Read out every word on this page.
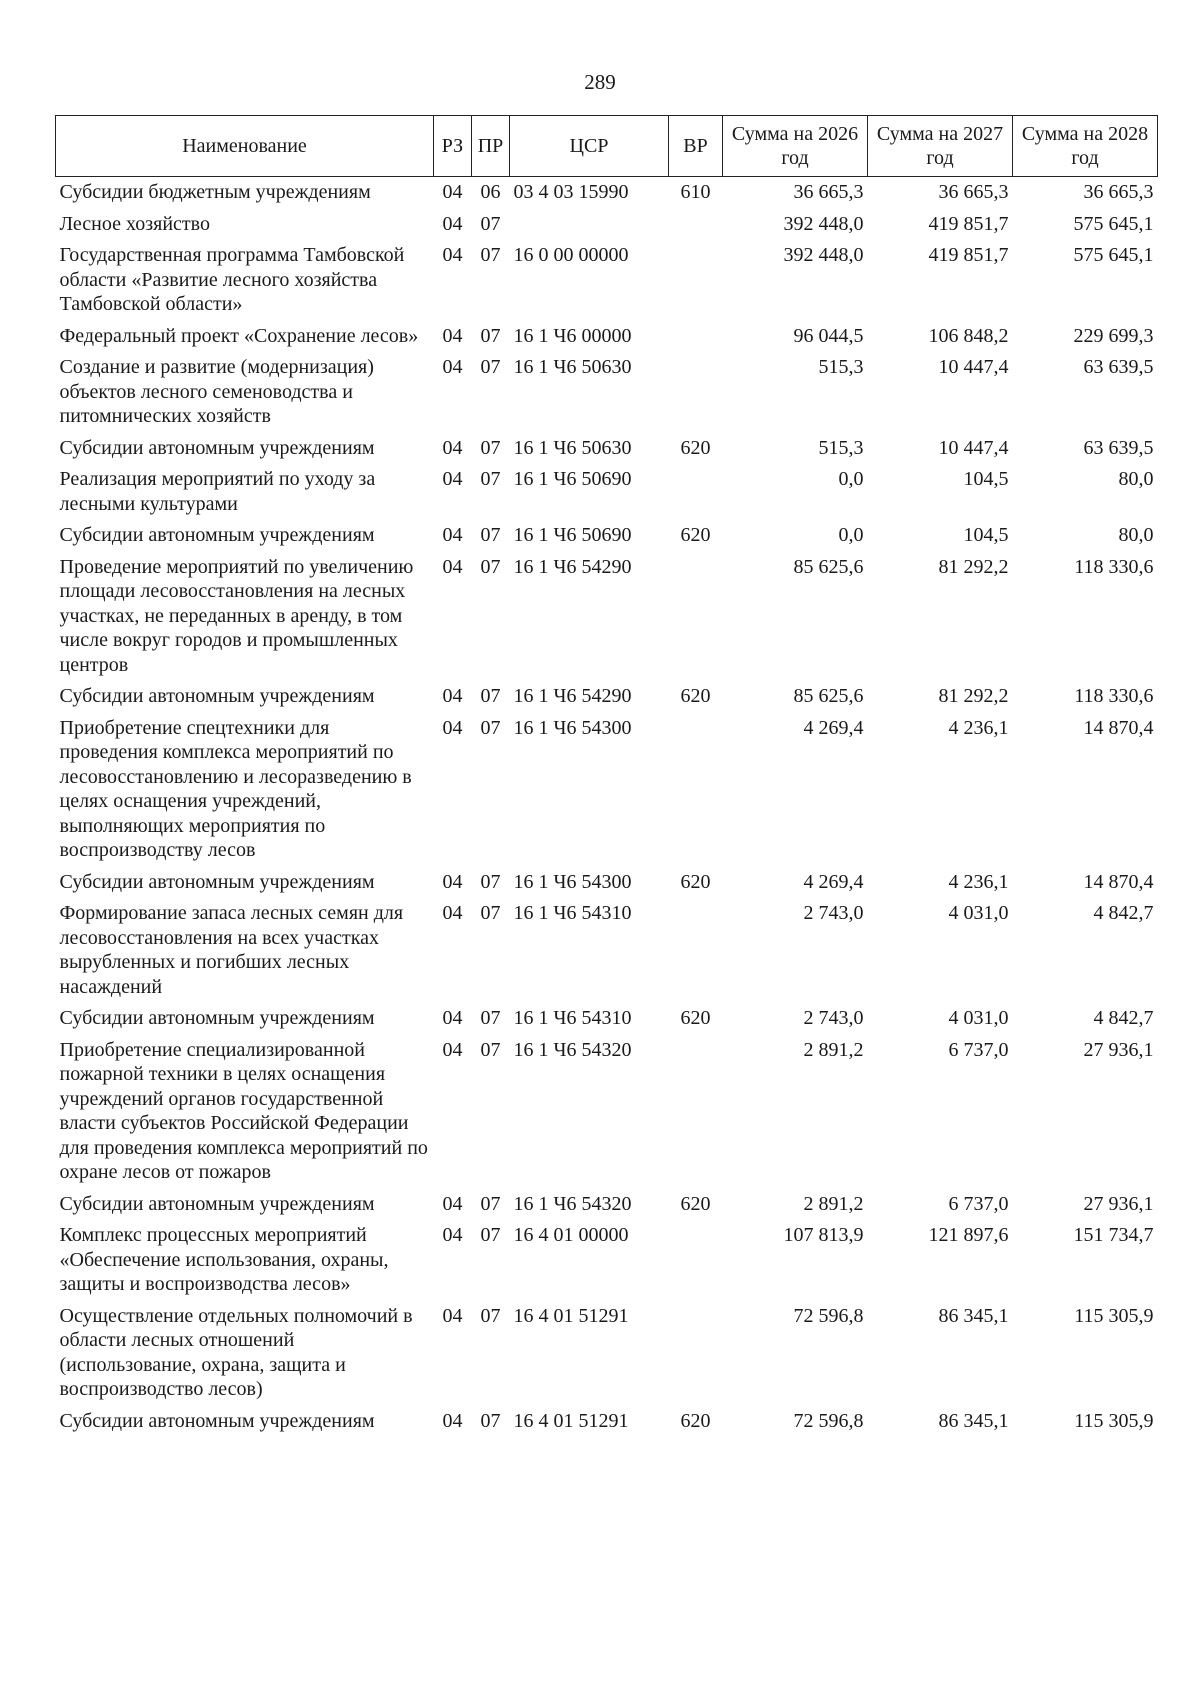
289
Наименование	РЗ	ПР	ЦСР	ВР	Сумма на 2026 год	Сумма на 2027 год	Сумма на 2028 год
Субсидии бюджетным учреждениям	04	06	03 4 03 15990	610	36 665,3	36 665,3	36 665,3
Лесное хозяйство	04	07			392 448,0	419 851,7	575 645,1
Государственная программа Тамбовской области «Развитие лесного хозяйства Тамбовской области»	04	07	16 0 00 00000		392 448,0	419 851,7	575 645,1
Федеральный проект «Сохранение лесов»	04	07	16 1 Ч6 00000		96 044,5	106 848,2	229 699,3
Создание и развитие (модернизация) объектов лесного семеноводства и питомнических хозяйств	04	07	16 1 Ч6 50630		515,3	10 447,4	63 639,5
Субсидии автономным учреждениям	04	07	16 1 Ч6 50630	620	515,3	10 447,4	63 639,5
Реализация мероприятий по уходу за лесными культурами	04	07	16 1 Ч6 50690		0,0	104,5	80,0
Субсидии автономным учреждениям	04	07	16 1 Ч6 50690	620	0,0	104,5	80,0
Проведение мероприятий по увеличению площади лесовосстановления на лесных участках, не переданных в аренду, в том числе вокруг городов и промышленных центров	04	07	16 1 Ч6 54290		85 625,6	81 292,2	118 330,6
Субсидии автономным учреждениям	04	07	16 1 Ч6 54290	620	85 625,6	81 292,2	118 330,6
Приобретение спецтехники для проведения комплекса мероприятий по лесовосстановлению и лесоразведению в целях оснащения учреждений, выполняющих мероприятия по воспроизводству лесов	04	07	16 1 Ч6 54300		4 269,4	4 236,1	14 870,4
Субсидии автономным учреждениям	04	07	16 1 Ч6 54300	620	4 269,4	4 236,1	14 870,4
Формирование запаса лесных семян для лесовосстановления на всех участках вырубленных и погибших лесных насаждений	04	07	16 1 Ч6 54310		2 743,0	4 031,0	4 842,7
Субсидии автономным учреждениям	04	07	16 1 Ч6 54310	620	2 743,0	4 031,0	4 842,7
Приобретение специализированной пожарной техники в целях оснащения учреждений органов государственной власти субъектов Российской Федерации для проведения комплекса мероприятий по охране лесов от пожаров	04	07	16 1 Ч6 54320		2 891,2	6 737,0	27 936,1
Субсидии автономным учреждениям	04	07	16 1 Ч6 54320	620	2 891,2	6 737,0	27 936,1
Комплекс процессных мероприятий «Обеспечение использования, охраны, защиты и воспроизводства лесов»	04	07	16 4 01 00000		107 813,9	121 897,6	151 734,7
Осуществление отдельных полномочий в области лесных отношений (использование, охрана, защита и воспроизводство лесов)	04	07	16 4 01 51291		72 596,8	86 345,1	115 305,9
Субсидии автономным учреждениям	04	07	16 4 01 51291	620	72 596,8	86 345,1	115 305,9
